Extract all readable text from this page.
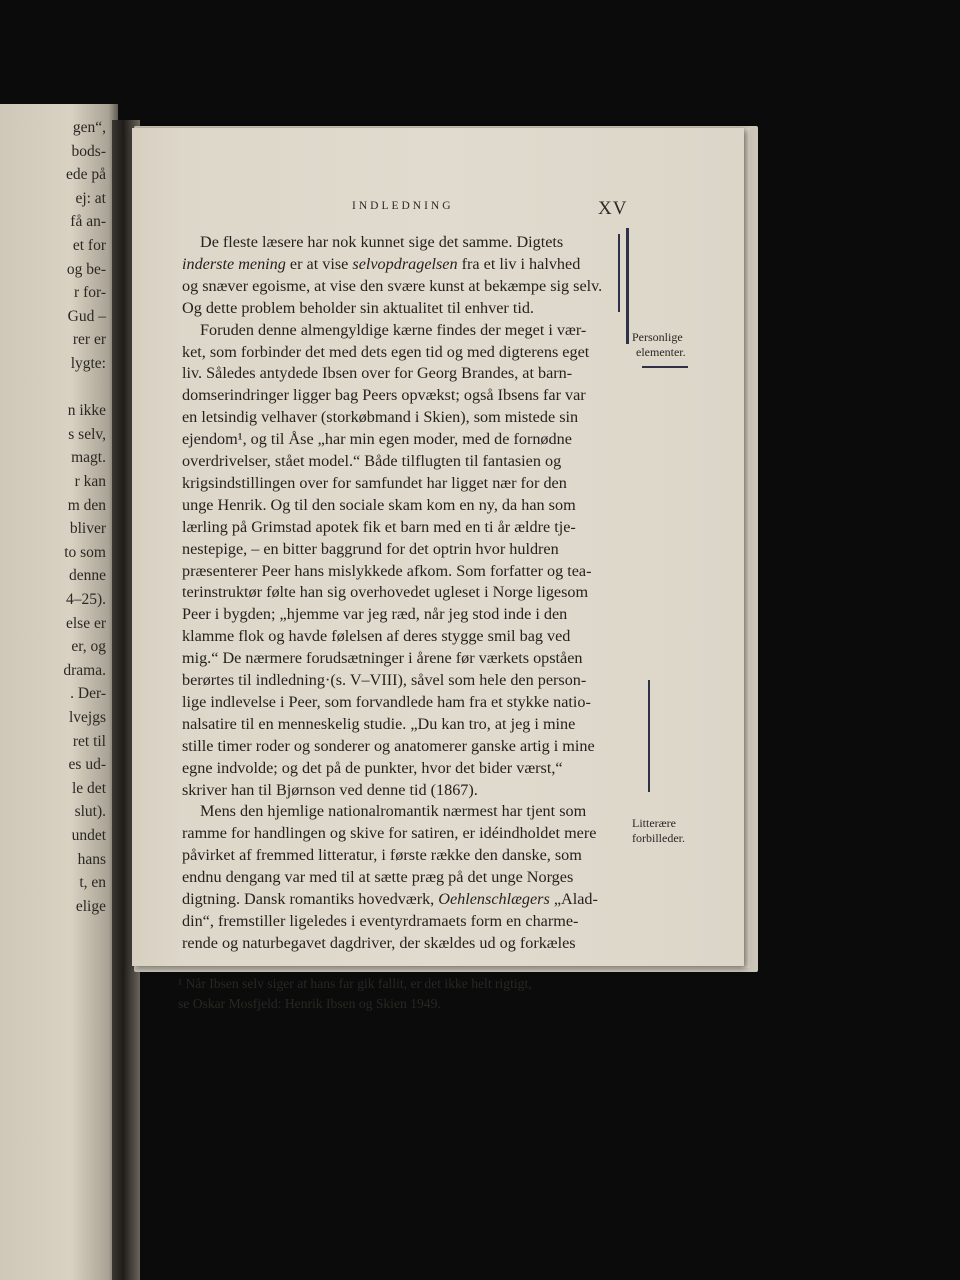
gen“,
bods-
ede på
ej: at
få an-
et for
og be-
r for-
Gud –
rer er
lygte:
n ikke
s selv,
magt.
r kan
m den
bliver
to som
denne
4–25).
else er
er, og
drama.
. Der-
lvejgs
ret til
es ud-
le det
slut).
undet
hans
t, en
elige
INDLEDNING	XV
De fleste læsere har nok kunnet sige det samme. Digtets
inderste mening er at vise selvopdragelsen fra et liv i halvhed
og snæver egoisme, at vise den svære kunst at bekæmpe sig selv.
Og dette problem beholder sin aktualitet til enhver tid.
Foruden denne almengyldige kærne findes der meget i vær-
ket, som forbinder det med dets egen tid og med digterens eget
liv. Således antydede Ibsen over for Georg Brandes, at barn-
domserindringer ligger bag Peers opvækst; også Ibsens far var
en letsindig velhaver (storkøbmand i Skien), som mistede sin
ejendom¹, og til Åse „har min egen moder, med de fornødne
overdrivelser, stået model.“ Både tilflugten til fantasien og
krigsindstillingen over for samfundet har ligget nær for den
unge Henrik. Og til den sociale skam kom en ny, da han som
lærling på Grimstad apotek fik et barn med en ti år ældre tje-
nestepige, – en bitter baggrund for det optrin hvor huldren
præsenterer Peer hans mislykkede afkom. Som forfatter og tea-
terinstruktør følte han sig overhovedet ugleset i Norge ligesom
Peer i bygden; „hjemme var jeg ræd, når jeg stod inde i den
klamme flok og havde følelsen af deres stygge smil bag ved
mig.“ De nærmere forudsætninger i årene før værkets opståen
berørtes til indledning·(s. V–VIII), såvel som hele den person-
lige indlevelse i Peer, som forvandlede ham fra et stykke natio-
nalsatire til en menneskelig studie. „Du kan tro, at jeg i mine
stille timer roder og sonderer og anatomerer ganske artig i mine
egne indvolde; og det på de punkter, hvor det bider værst,“
skriver han til Bjørnson ved denne tid (1867).
Mens den hjemlige nationalromantik nærmest har tjent som
ramme for handlingen og skive for satiren, er idéindholdet mere
påvirket af fremmed litteratur, i første række den danske, som
endnu dengang var med til at sætte præg på det unge Norges
digtning. Dansk romantiks hovedværk, Oehlenschlægers „Alad-
din“, fremstiller ligeledes i eventyrdramaets form en charme-
rende og naturbegavet dagdriver, der skældes ud og forkæles
¹ Når Ibsen selv siger at hans far gik fallit, er det ikke helt rigtigt,
se Oskar Mosfjeld: Henrik Ibsen og Skien 1949.
Personlige
elementer.
Litterære
forbilleder.
